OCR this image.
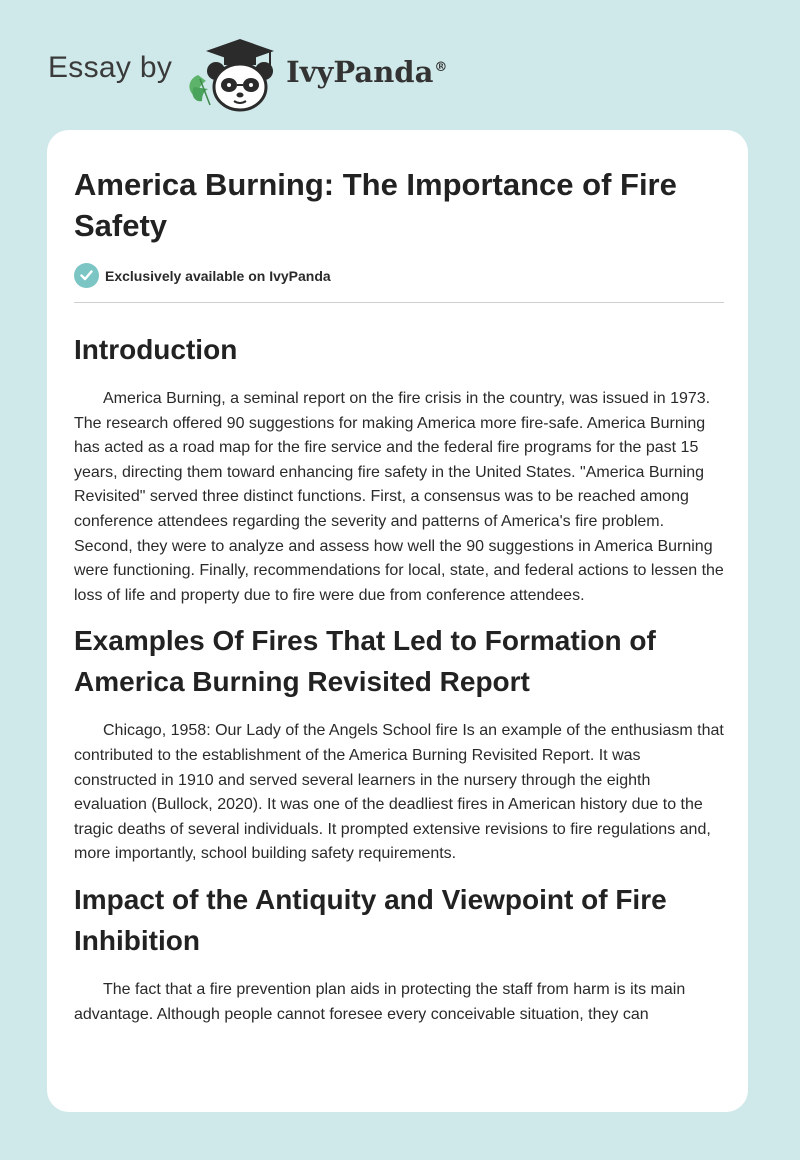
Essay by	IvyPanda®
America Burning: The Importance of Fire Safety
Exclusively available on IvyPanda
Introduction

America Burning, a seminal report on the fire crisis in the country, was issued in 1973. The research offered 90 suggestions for making America more fire-safe. America Burning has acted as a road map for the fire service and the federal fire programs for the past 15 years, directing them toward enhancing fire safety in the United States. "America Burning Revisited" served three distinct functions. First, a consensus was to be reached among conference attendees regarding the severity and patterns of America's fire problem. Second, they were to analyze and assess how well the 90 suggestions in America Burning were functioning. Finally, recommendations for local, state, and federal actions to lessen the loss of life and property due to fire were due from conference attendees.

Examples Of Fires That Led to Formation of America Burning Revisited Report

Chicago, 1958: Our Lady of the Angels School fire Is an example of the enthusiasm that contributed to the establishment of the America Burning Revisited Report. It was constructed in 1910 and served several learners in the nursery through the eighth evaluation (Bullock, 2020). It was one of the deadliest fires in American history due to the tragic deaths of several individuals. It prompted extensive revisions to fire regulations and, more importantly, school building safety requirements.

Impact of the Antiquity and Viewpoint of Fire Inhibition

The fact that a fire prevention plan aids in protecting the staff from harm is its main advantage. Although people cannot foresee every conceivable situation, they can
